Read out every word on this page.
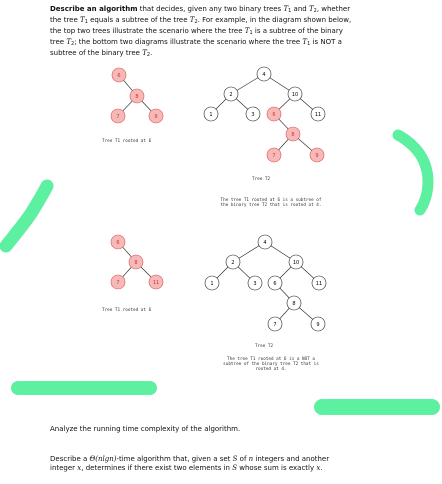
Describe an algorithm that decides, given any two binary trees $T_1$ and $T_2$, whether
the tree $T_1$ equals a subtree of the tree $T_2$. For example, in the diagram shown below,
the top two trees illustrate the scenario where the tree $T_1$ is a subtree of the binary
tree $T_2$; the bottom two diagrams illustrate the scenario where the tree $T_1$ is NOT a
subtree of the binary tree $T_2$.
6
8
7	9
4
2	10
1	3	6	11
8
7	9
6
8
7	11
4
2	10
1	3	6	11
8
7	9
Tree T1 rooted at 6
Tree T2
The tree T1 rooted at 6 is a subtree of
the binary tree T2 that is rooted at 4.
Tree T1 rooted at 6
Tree T2
The tree T1 rooted at 6 is a NOT a
subtree of the binary tree T2 that is
rooted at 4.
Analyze the running time complexity of the algorithm.
Describe a Θ(nlgn)-time algorithm that, given a set S of n integers and another
integer x, determines if there exist two elements in S whose sum is exactly x.
